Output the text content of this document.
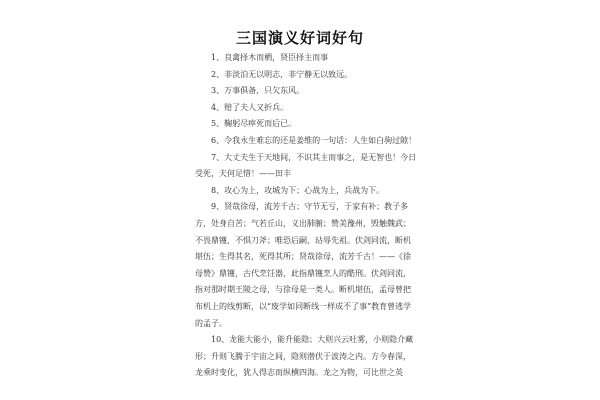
三国演义好词好句

1、良禽择木而栖，贤臣择主而事

2、非淡泊无以明志，非宁静无以致远。

3、万事俱备，只欠东风。

4、赔了夫人又折兵。

5、鞠躬尽瘁死而后已。

6、令我永生难忘的还是姜维的一句话：人生如白驹过隙！

7、大丈夫生于天地间，不识其主而事之，是无智也！今日受死，夫何足惜！——田丰

8、攻心为上，攻城为下；心战为上，兵战为下。

9、贤哉徐母，流芳千古；守节无亏，于家有补；教子多方，处身自苦；气若丘山，义出肺腑；赞美豫州，毁触魏武；不畏鼎镬，不惧刀斧；唯恐后嗣，玷辱先祖。伏剑同流，断机堪伍；生得其名，死得其所；贤哉徐母，流芳千古！——《徐母赞》鼎镬，古代烹饪器，此指鼎镬烹人的酷刑。伏剑同流，指对那时期王陵之母，与徐母是一类人。断机堪伍，孟母曾把布机上的线剪断，以“废学如同断线一样成不了事”教育曾逃学的孟子。

10、龙能大能小，能升能隐；大则兴云吐雾，小则隐介藏形；升则飞腾于宇宙之间，隐则潜伏于波涛之内。方今春深，龙乘时变化，犹人得志而纵横四海。龙之为物，可比世之英
